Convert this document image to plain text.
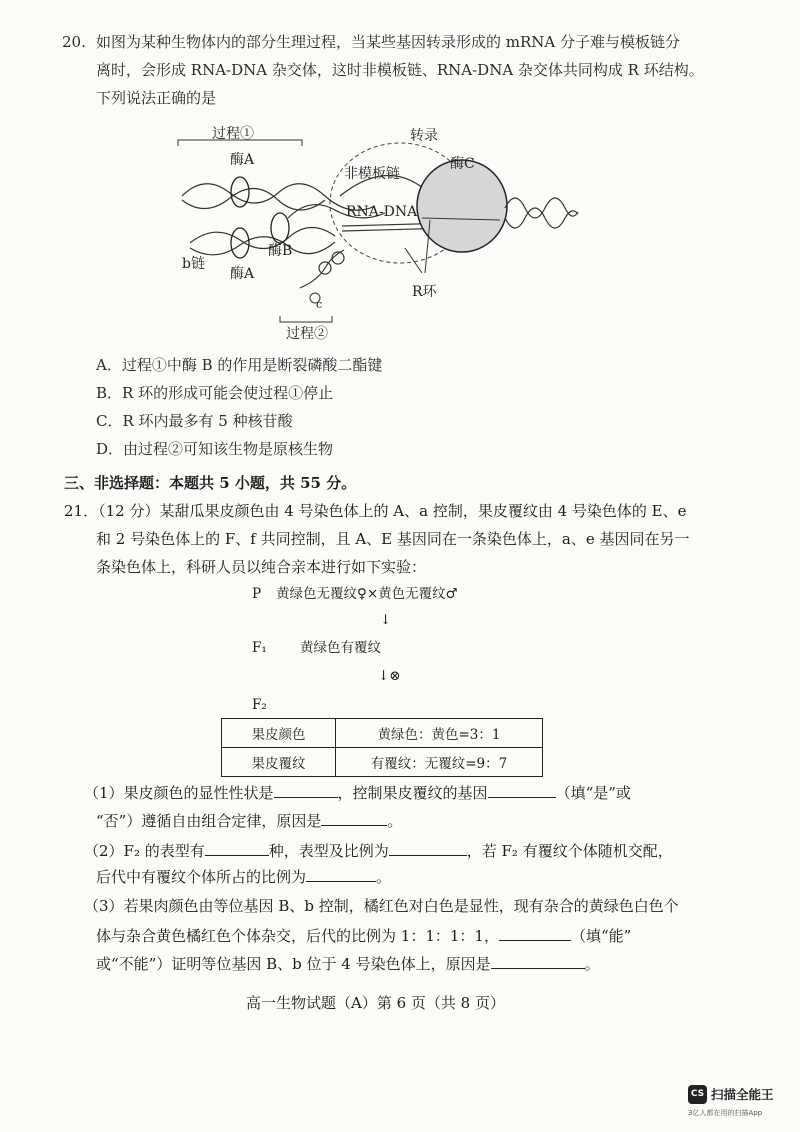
20. 如图为某种生物体内的部分生理过程，当某些基因转录形成的 mRNA 分子难与模板链分
离时，会形成 RNA-DNA 杂交体，这时非模板链、RNA-DNA 杂交体共同构成 R 环结构。
下列说法正确的是
过程①
酶A
酶A
酶B
b链
转录
非模板链
RNA-DNA
酶C
R环
c
过程②
A．过程①中酶 B 的作用是断裂磷酸二酯键
B．R 环的形成可能会使过程①停止
C．R 环内最多有 5 种核苷酸
D．由过程②可知该生物是原核生物
三、非选择题：本题共 5 小题，共 55 分。
21．（12 分）某甜瓜果皮颜色由 4 号染色体上的 A、a 控制，果皮覆纹由 4 号染色体的 E、e
和 2 号染色体上的 F、f 共同控制，且 A、E 基因同在一条染色体上，a、e 基因同在另一
条染色体上，科研人员以纯合亲本进行如下实验：
P 黄绿色无覆纹♀×黄色无覆纹♂
↓
F₁ 黄绿色有覆纹
↓⊗
F₂
果皮颜色	黄绿色：黄色=3：1
果皮覆纹	有覆纹：无覆纹=9：7
（1）果皮颜色的显性性状是	，控制果皮覆纹的基因	（填“是”或
“否”）遵循自由组合定律，原因是	。
（2）F₂ 的表型有	种，表型及比例为	，若 F₂ 有覆纹个体随机交配，
后代中有覆纹个体所占的比例为	。
（3）若果肉颜色由等位基因 B、b 控制，橘红色对白色是显性，现有杂合的黄绿色白色个
体与杂合黄色橘红色个体杂交，后代的比例为 1：1：1：1，	（填“能”
或“不能”）证明等位基因 B、b 位于 4 号染色体上，原因是	。
高一生物试题（A）第 6 页（共 8 页）
CS 扫描全能王
3亿人都在用的扫描App
